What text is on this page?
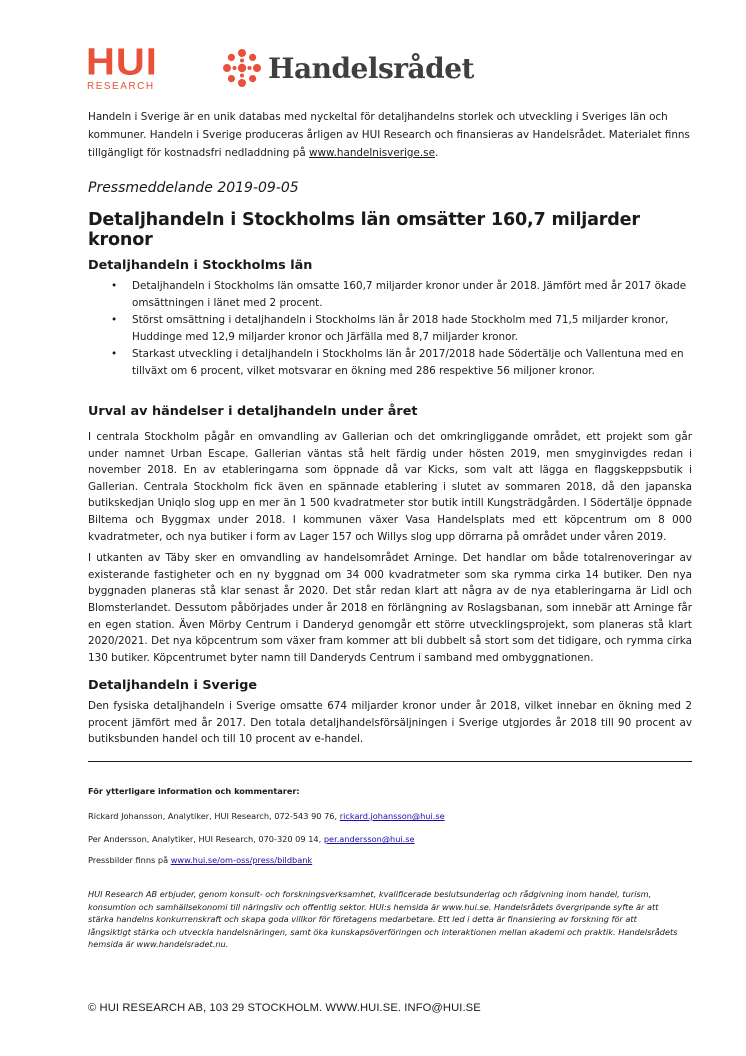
HUI
RESEARCH
Handelsrådet
Handeln i Sverige är en unik databas med nyckeltal för detaljhandelns storlek och utveckling i Sveriges län och kommuner. Handeln i Sverige produceras årligen av HUI Research och finansieras av Handelsrådet. Materialet finns tillgängligt för kostnadsfri nedladdning på www.handelnisverige.se.
Pressmeddelande 2019-09-05
Detaljhandeln i Stockholms län omsätter 160,7 miljarder kronor
Detaljhandeln i Stockholms län
• Detaljhandeln i Stockholms län omsatte 160,7 miljarder kronor under år 2018. Jämfört med år 2017 ökade omsättningen i länet med 2 procent.
• Störst omsättning i detaljhandeln i Stockholms län år 2018 hade Stockholm med 71,5 miljarder kronor, Huddinge med 12,9 miljarder kronor och Järfälla med 8,7 miljarder kronor.
• Starkast utveckling i detaljhandeln i Stockholms län år 2017/2018 hade Södertälje och Vallentuna med en tillväxt om 6 procent, vilket motsvarar en ökning med 286 respektive 56 miljoner kronor.
Urval av händelser i detaljhandeln under året

I centrala Stockholm pågår en omvandling av Gallerian och det omkringliggande området, ett projekt som går under namnet Urban Escape. Gallerian väntas stå helt färdig under hösten 2019, men smyginvigdes redan i november 2018. En av etableringarna som öppnade då var Kicks, som valt att lägga en flaggskeppsbutik i Gallerian. Centrala Stockholm fick även en spännade etablering i slutet av sommaren 2018, då den japanska butikskedjan Uniqlo slog upp en mer än 1 500 kvadratmeter stor butik intill Kungsträdgården. I Södertälje öppnade Biltema och Byggmax under 2018. I kommunen växer Vasa Handelsplats med ett köpcentrum om 8 000 kvadratmeter, och nya butiker i form av Lager 157 och Willys slog upp dörrarna på området under våren 2019.

I utkanten av Täby sker en omvandling av handelsområdet Arninge. Det handlar om både totalrenoveringar av existerande fastigheter och en ny byggnad om 34 000 kvadratmeter som ska rymma cirka 14 butiker. Den nya byggnaden planeras stå klar senast år 2020. Det står redan klart att några av de nya etableringarna är Lidl och Blomsterlandet. Dessutom påbörjades under år 2018 en förlängning av Roslagsbanan, som innebär att Arninge får en egen station. Även Mörby Centrum i Danderyd genomgår ett större utvecklingsprojekt, som planeras stå klart 2020/2021. Det nya köpcentrum som växer fram kommer att bli dubbelt så stort som det tidigare, och rymma cirka 130 butiker. Köpcentrumet byter namn till Danderyds Centrum i samband med ombyggnationen.

Detaljhandeln i Sverige

Den fysiska detaljhandeln i Sverige omsatte 674 miljarder kronor under år 2018, vilket innebar en ökning med 2 procent jämfört med år 2017. Den totala detaljhandelsförsäljningen i Sverige utgjordes år 2018 till 90 procent av butiksbunden handel och till 10 procent av e-handel.

För ytterligare information och kommentarer:
Rickard Johansson, Analytiker, HUI Research, 072-543 90 76, rickard.johansson@hui.se
Per Andersson, Analytiker, HUI Research, 070-320 09 14, per.andersson@hui.se
Pressbilder finns på www.hui.se/om-oss/press/bildbank
HUI Research AB erbjuder, genom konsult- och forskningsverksamhet, kvalificerade beslutsunderlag och rådgivning inom handel, turism, konsumtion och samhällsekonomi till näringsliv och offentlig sektor. HUI:s hemsida är www.hui.se. Handelsrådets övergripande syfte är att stärka handelns konkurrenskraft och skapa goda villkor för företagens medarbetare. Ett led i detta är finansiering av forskning för att långsiktigt stärka och utveckla handelsnäringen, samt öka kunskapsöverföringen och interaktionen mellan akademi och praktik. Handelsrådets hemsida är www.handelsradet.nu.
© HUI RESEARCH AB, 103 29 STOCKHOLM. WWW.HUI.SE. INFO@HUI.SE
